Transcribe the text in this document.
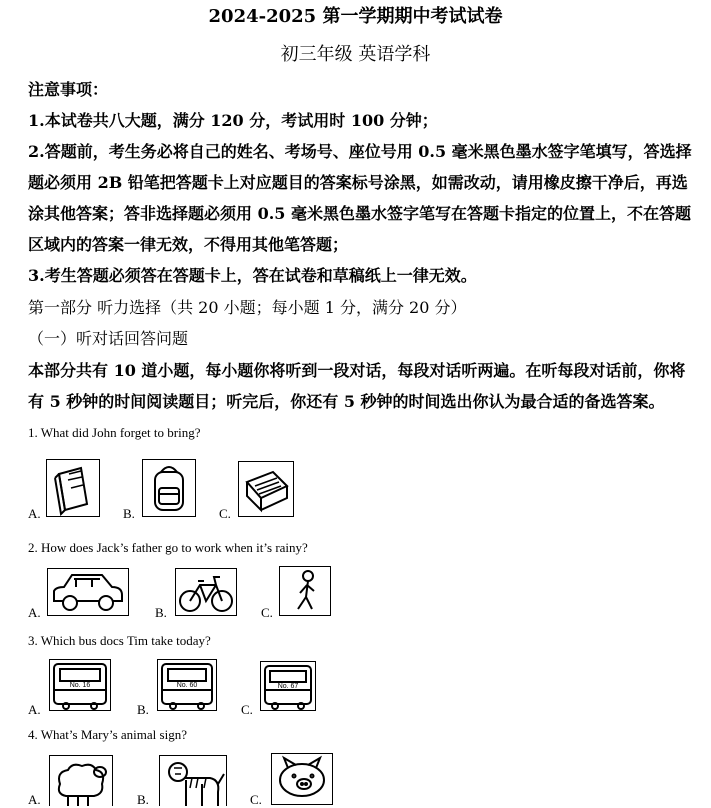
2024-2025 第一学期期中考试试卷
初三年级 英语学科
注意事项：
1.本试卷共八大题，满分 120 分，考试用时 100 分钟；
2.答题前，考生务必将自己的姓名、考场号、座位号用 0.5 毫米黑色墨水签字笔填写，答选择
题必须用 2B 铅笔把答题卡上对应题目的答案标号涂黑，如需改动，请用橡皮擦干净后，再选
涂其他答案；答非选择题必须用 0.5 毫米黑色墨水签字笔写在答题卡指定的位置上，不在答题
区域内的答案一律无效，不得用其他笔答题；
3.考生答题必须答在答题卡上，答在试卷和草稿纸上一律无效。
第一部分 听力选择（共 20 小题；每小题 1 分，满分 20 分）
（一）听对话回答问题
本部分共有 10 道小题，每小题你将听到一段对话，每段对话听两遍。在听每段对话前，你将
有 5 秒钟的时间阅读题目；听完后，你还有 5 秒钟的时间选出你认为最合适的备选答案。
1. What did John forget to bring?
A.	B.	C.
2. How does Jack’s father go to work when it’s rainy?
A.	B.	C.
3. Which bus docs Tim take today?
A.
No. 16
B.
No. 60
C.
No. 67
4. What’s Mary’s animal sign?
A.	B.	C.
